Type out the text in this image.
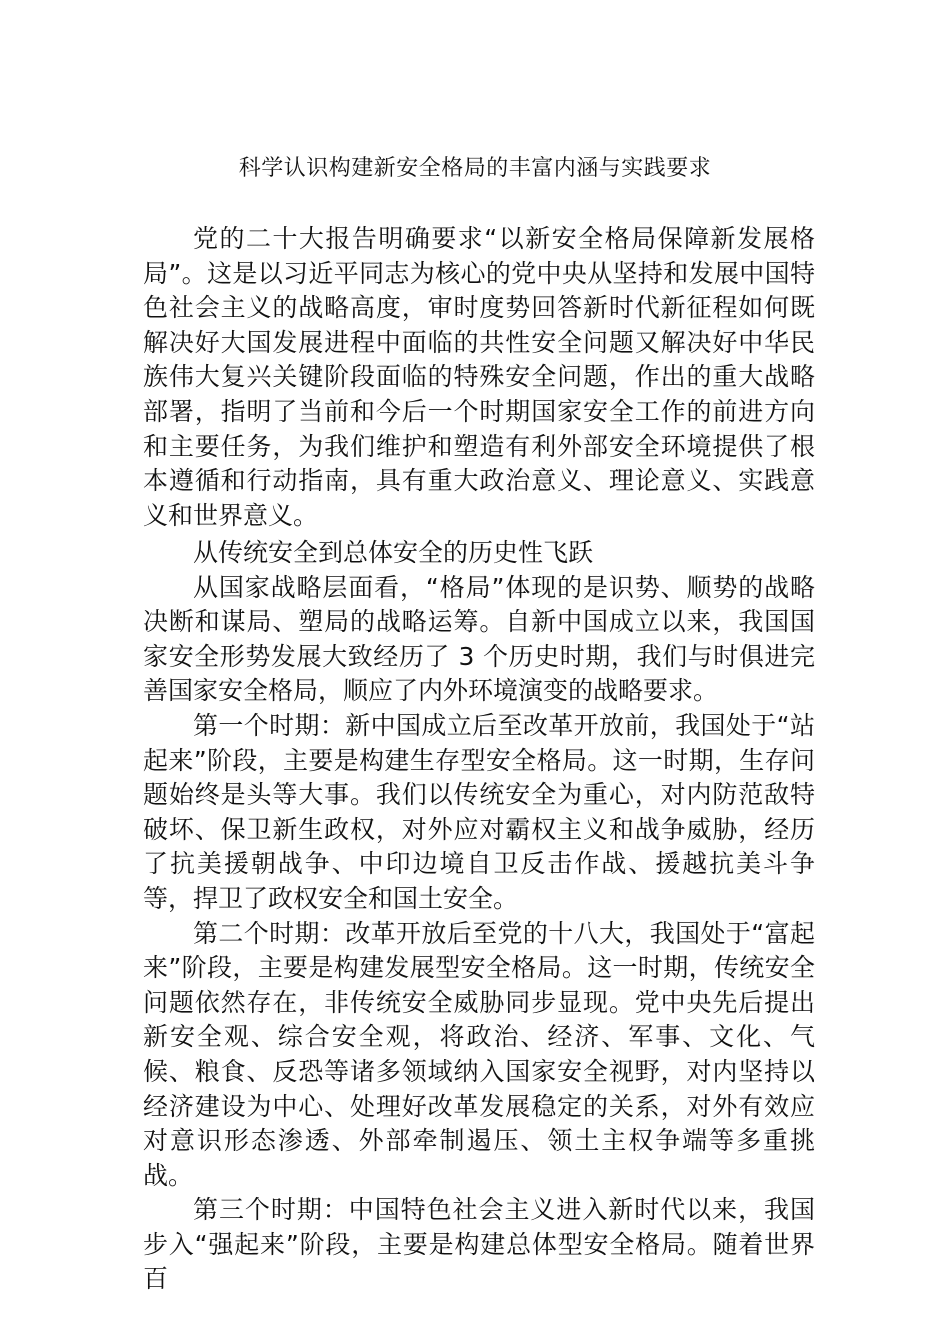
科学认识构建新安全格局的丰富内涵与实践要求

党的二十大报告明确要求“以新安全格局保障新发展格局”。这是以习近平同志为核心的党中央从坚持和发展中国特色社会主义的战略高度，审时度势回答新时代新征程如何既解决好大国发展进程中面临的共性安全问题又解决好中华民族伟大复兴关键阶段面临的特殊安全问题，作出的重大战略部署，指明了当前和今后一个时期国家安全工作的前进方向和主要任务，为我们维护和塑造有利外部安全环境提供了根本遵循和行动指南，具有重大政治意义、理论意义、实践意义和世界意义。

从传统安全到总体安全的历史性飞跃

从国家战略层面看，“格局”体现的是识势、顺势的战略决断和谋局、塑局的战略运筹。自新中国成立以来，我国国家安全形势发展大致经历了 3 个历史时期，我们与时俱进完善国家安全格局，顺应了内外环境演变的战略要求。

第一个时期：新中国成立后至改革开放前，我国处于“站起来”阶段，主要是构建生存型安全格局。这一时期，生存问题始终是头等大事。我们以传统安全为重心，对内防范敌特破坏、保卫新生政权，对外应对霸权主义和战争威胁，经历了抗美援朝战争、中印边境自卫反击作战、援越抗美斗争等，捍卫了政权安全和国土安全。

第二个时期：改革开放后至党的十八大，我国处于“富起来”阶段，主要是构建发展型安全格局。这一时期，传统安全问题依然存在，非传统安全威胁同步显现。党中央先后提出新安全观、综合安全观，将政治、经济、军事、文化、气候、粮食、反恐等诸多领域纳入国家安全视野，对内坚持以经济建设为中心、处理好改革发展稳定的关系，对外有效应对意识形态渗透、外部牵制遏压、领土主权争端等多重挑战。

第三个时期：中国特色社会主义进入新时代以来，我国步入“强起来”阶段，主要是构建总体型安全格局。随着世界百
